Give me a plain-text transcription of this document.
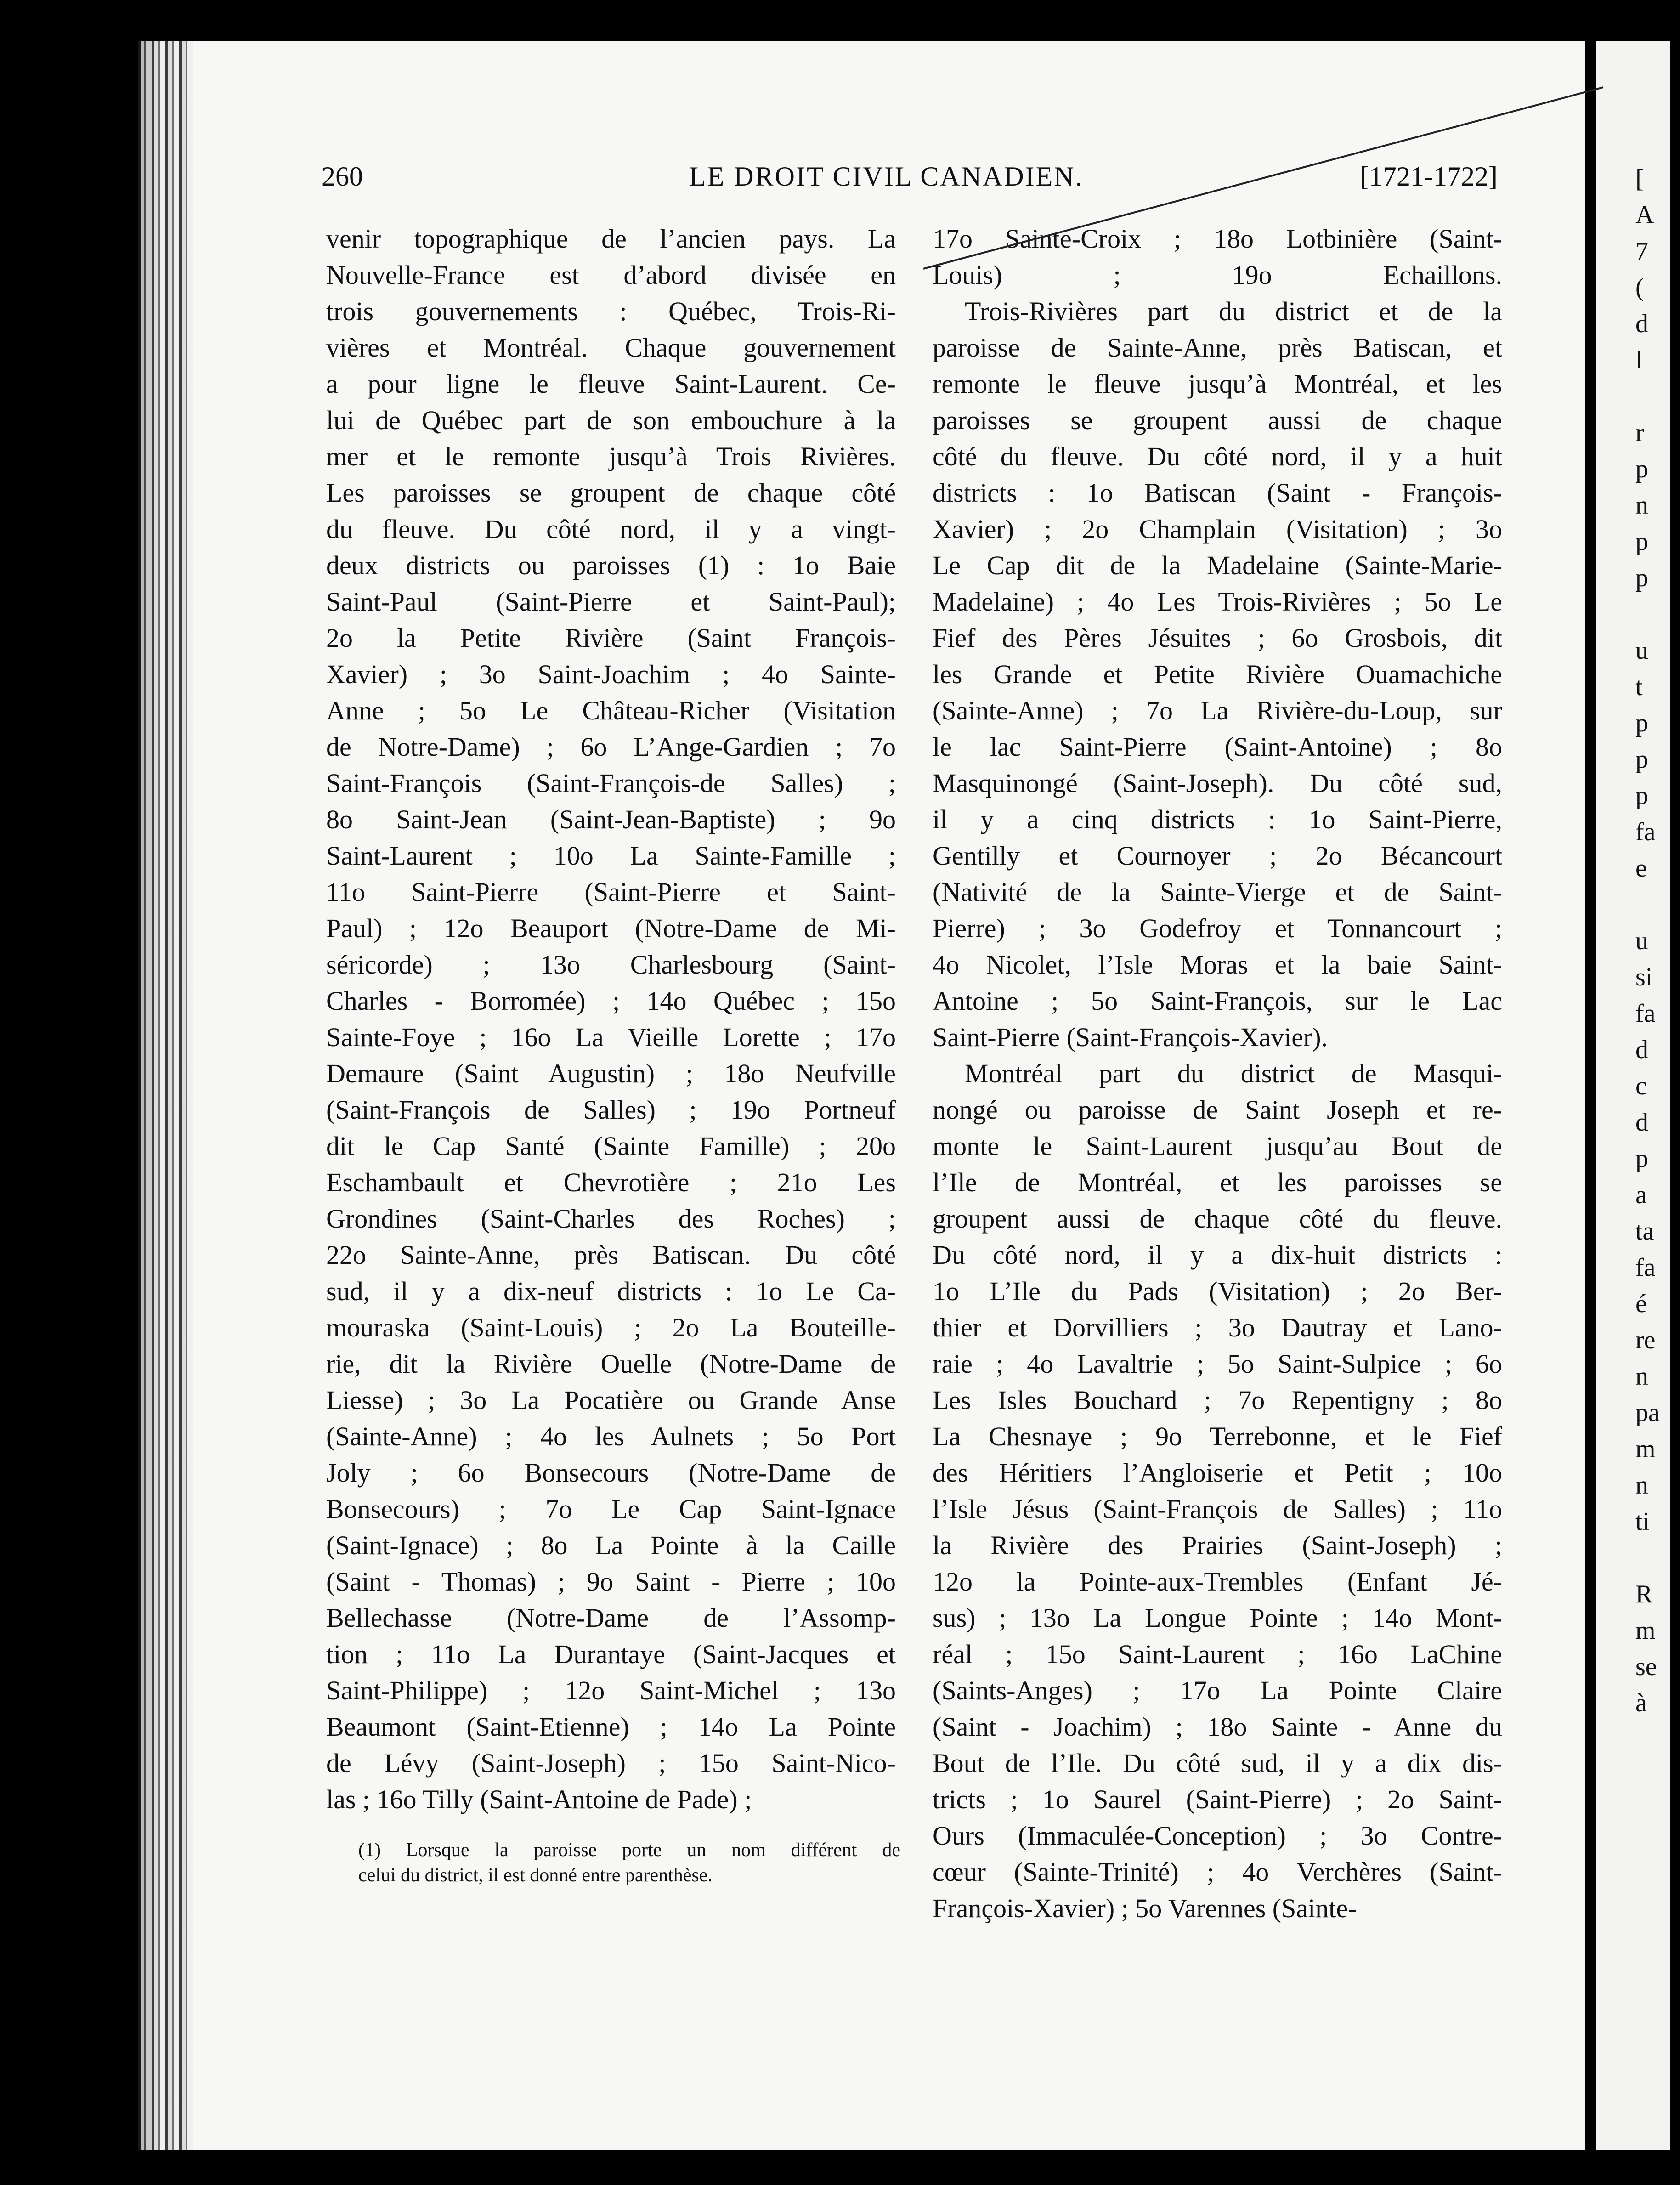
260	LE DROIT CIVIL CANADIEN.	[1721-1722]
venir topographique de l’ancien pays. La
Nouvelle-France est d’abord divisée en
trois gouvernements : Québec, Trois-Ri-
vières et Montréal. Chaque gouvernement
a pour ligne le fleuve Saint-Laurent. Ce-
lui de Québec part de son embouchure à la
mer et le remonte jusqu’à Trois Rivières.
Les paroisses se groupent de chaque côté
du fleuve. Du côté nord, il y a vingt-
deux districts ou paroisses (1) : 1o Baie
Saint-Paul (Saint-Pierre et Saint-Paul);
2o la Petite Rivière (Saint François-
Xavier) ; 3o Saint-Joachim ; 4o Sainte-
Anne ; 5o Le Château-Richer (Visitation
de Notre-Dame) ; 6o L’Ange-Gardien ; 7o
Saint-François (Saint-François-de Salles) ;
8o Saint-Jean (Saint-Jean-Baptiste) ; 9o
Saint-Laurent ; 10o La Sainte-Famille ;
11o Saint-Pierre (Saint-Pierre et Saint-
Paul) ; 12o Beauport (Notre-Dame de Mi-
séricorde) ; 13o Charlesbourg (Saint-
Charles - Borromée) ; 14o Québec ; 15o
Sainte-Foye ; 16o La Vieille Lorette ; 17o
Demaure (Saint Augustin) ; 18o Neufville
(Saint-François de Salles) ; 19o Portneuf
dit le Cap Santé (Sainte Famille) ; 20o
Eschambault et Chevrotière ; 21o Les
Grondines (Saint-Charles des Roches) ;
22o Sainte-Anne, près Batiscan. Du côté
sud, il y a dix-neuf districts : 1o Le Ca-
mouraska (Saint-Louis) ; 2o La Bouteille-
rie, dit la Rivière Ouelle (Notre-Dame de
Liesse) ; 3o La Pocatière ou Grande Anse
(Sainte-Anne) ; 4o les Aulnets ; 5o Port
Joly ; 6o Bonsecours (Notre-Dame de
Bonsecours) ; 7o Le Cap Saint-Ignace
(Saint-Ignace) ; 8o La Pointe à la Caille
(Saint - Thomas) ; 9o Saint - Pierre ; 10o
Bellechasse (Notre-Dame de l’Assomp-
tion ; 11o La Durantaye (Saint-Jacques et
Saint-Philippe) ; 12o Saint-Michel ; 13o
Beaumont (Saint-Etienne) ; 14o La Pointe
de Lévy (Saint-Joseph) ; 15o Saint-Nico-
las ; 16o Tilly (Saint-Antoine de Pade) ;
17o Sainte-Croix ; 18o Lotbinière (Saint-
Louis) ; 19o Echaillons.
Trois-Rivières part du district et de la
paroisse de Sainte-Anne, près Batiscan, et
remonte le fleuve jusqu’à Montréal, et les
paroisses se groupent aussi de chaque
côté du fleuve. Du côté nord, il y a huit
districts : 1o Batiscan (Saint - François-
Xavier) ; 2o Champlain (Visitation) ; 3o
Le Cap dit de la Madelaine (Sainte-Marie-
Madelaine) ; 4o Les Trois-Rivières ; 5o Le
Fief des Pères Jésuites ; 6o Grosbois, dit
les Grande et Petite Rivière Ouamachiche
(Sainte-Anne) ; 7o La Rivière-du-Loup, sur
le lac Saint-Pierre (Saint-Antoine) ; 8o
Masquinongé (Saint-Joseph). Du côté sud,
il y a cinq districts : 1o Saint-Pierre,
Gentilly et Cournoyer ; 2o Bécancourt
(Nativité de la Sainte-Vierge et de Saint-
Pierre) ; 3o Godefroy et Tonnancourt ;
4o Nicolet, l’Isle Moras et la baie Saint-
Antoine ; 5o Saint-François, sur le Lac
Saint-Pierre (Saint-François-Xavier).
Montréal part du district de Masqui-
nongé ou paroisse de Saint Joseph et re-
monte le Saint-Laurent jusqu’au Bout de
l’Ile de Montréal, et les paroisses se
groupent aussi de chaque côté du fleuve.
Du côté nord, il y a dix-huit districts :
1o L’Ile du Pads (Visitation) ; 2o Ber-
thier et Dorvilliers ; 3o Dautray et Lano-
raie ; 4o Lavaltrie ; 5o Saint-Sulpice ; 6o
Les Isles Bouchard ; 7o Repentigny ; 8o
La Chesnaye ; 9o Terrebonne, et le Fief
des Héritiers l’Angloiserie et Petit ; 10o
l’Isle Jésus (Saint-François de Salles) ; 11o
la Rivière des Prairies (Saint-Joseph) ;
12o la Pointe-aux-Trembles (Enfant Jé-
sus) ; 13o La Longue Pointe ; 14o Mont-
réal ; 15o Saint-Laurent ; 16o LaChine
(Saints-Anges) ; 17o La Pointe Claire
(Saint - Joachim) ; 18o Sainte - Anne du
Bout de l’Ile. Du côté sud, il y a dix dis-
tricts ; 1o Saurel (Saint-Pierre) ; 2o Saint-
Ours (Immaculée-Conception) ; 3o Contre-
cœur (Sainte-Trinité) ; 4o Verchères (Saint-
François-Xavier) ; 5o Varennes (Sainte-
(1) Lorsque la paroisse porte un nom différent de
celui du district, il est donné entre parenthèse.
[
A
7
(
d
l
r
p
n
p
p
u
t
p
p
p
fa
e
u
si
fa
d
c
d
p
a
ta
fa
é
re
n
pa
m
n
ti
R
m
se
à
